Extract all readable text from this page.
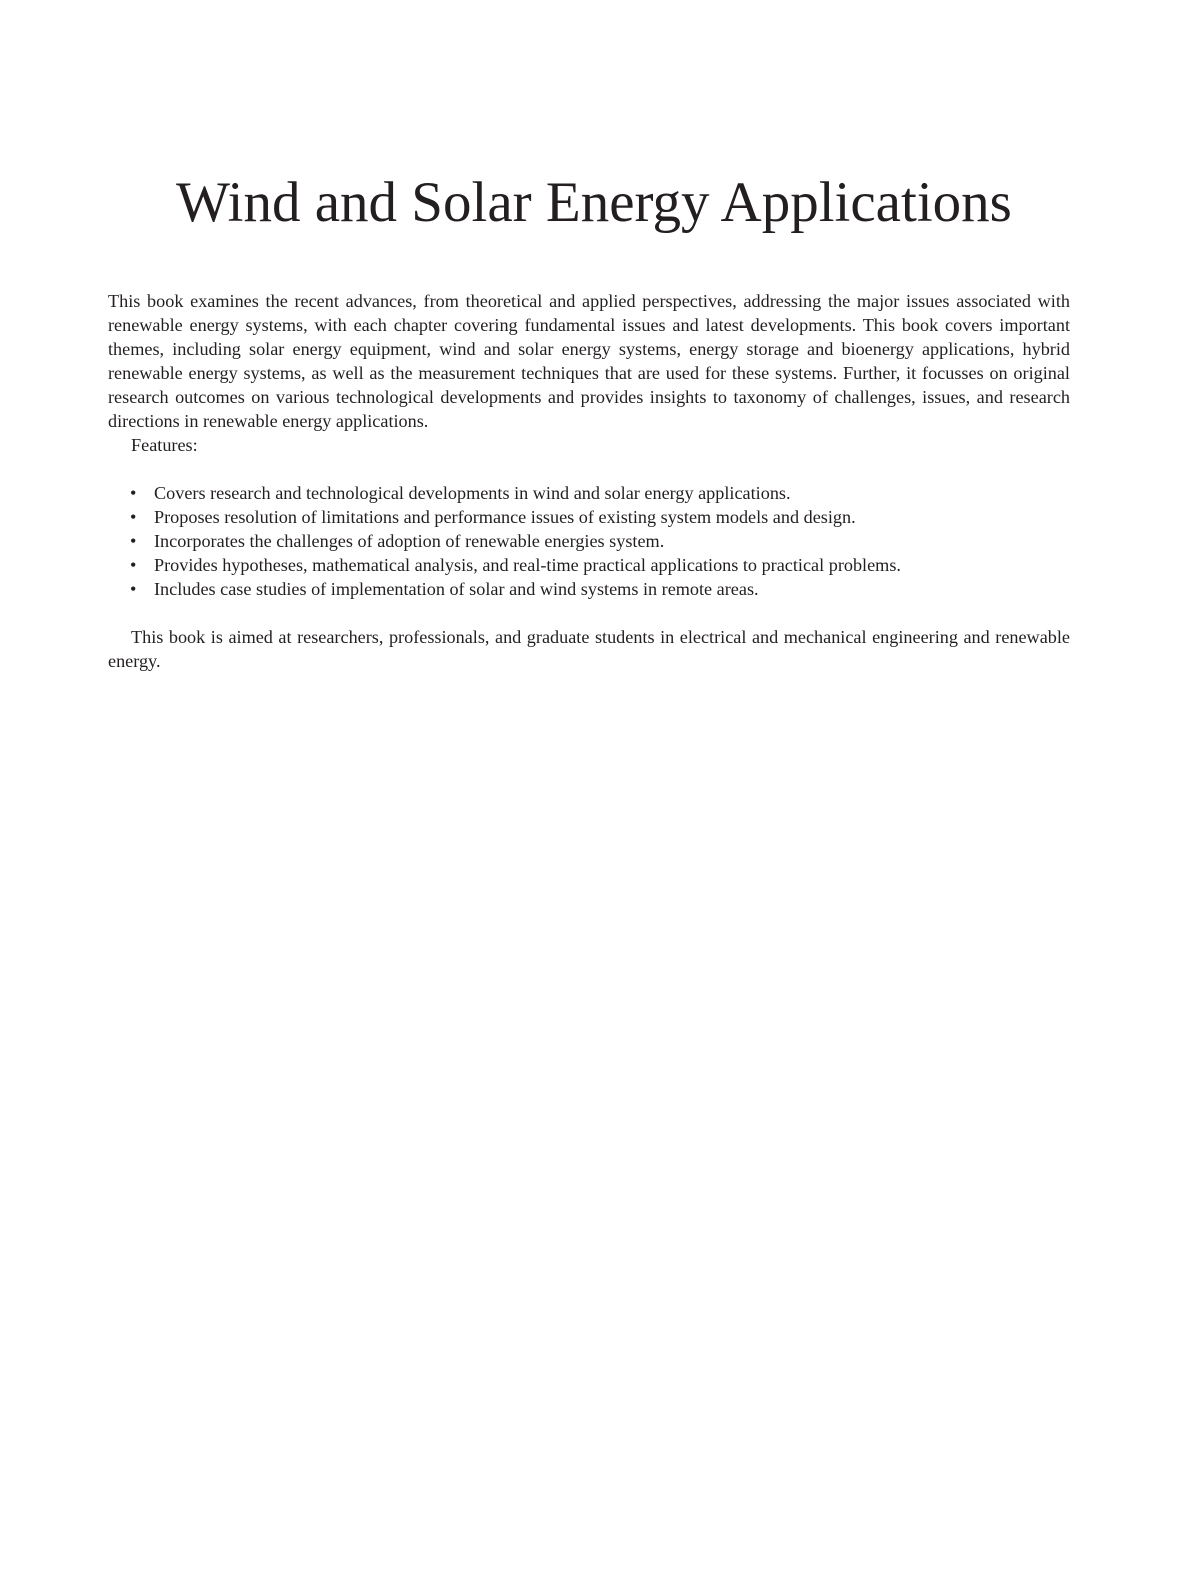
Wind and Solar Energy Applications

This book examines the recent advances, from theoretical and applied perspectives, addressing the major issues associated with renewable energy systems, with each chapter covering fundamental issues and latest developments. This book covers important themes, including solar energy equipment, wind and solar energy systems, energy storage and bioenergy applications, hybrid renewable energy systems, as well as the measurement techniques that are used for these systems. Further, it focusses on original research outcomes on various technological developments and provides insights to taxonomy of challenges, issues, and research directions in renewable energy applications.

Features:

• Covers research and technological developments in wind and solar energy applications.
• Proposes resolution of limitations and performance issues of existing system models and design.
• Incorporates the challenges of adoption of renewable energies system.
• Provides hypotheses, mathematical analysis, and real-time practical applications to practical problems.
• Includes case studies of implementation of solar and wind systems in remote areas.

This book is aimed at researchers, professionals, and graduate students in electrical and mechanical engineering and renewable energy.
